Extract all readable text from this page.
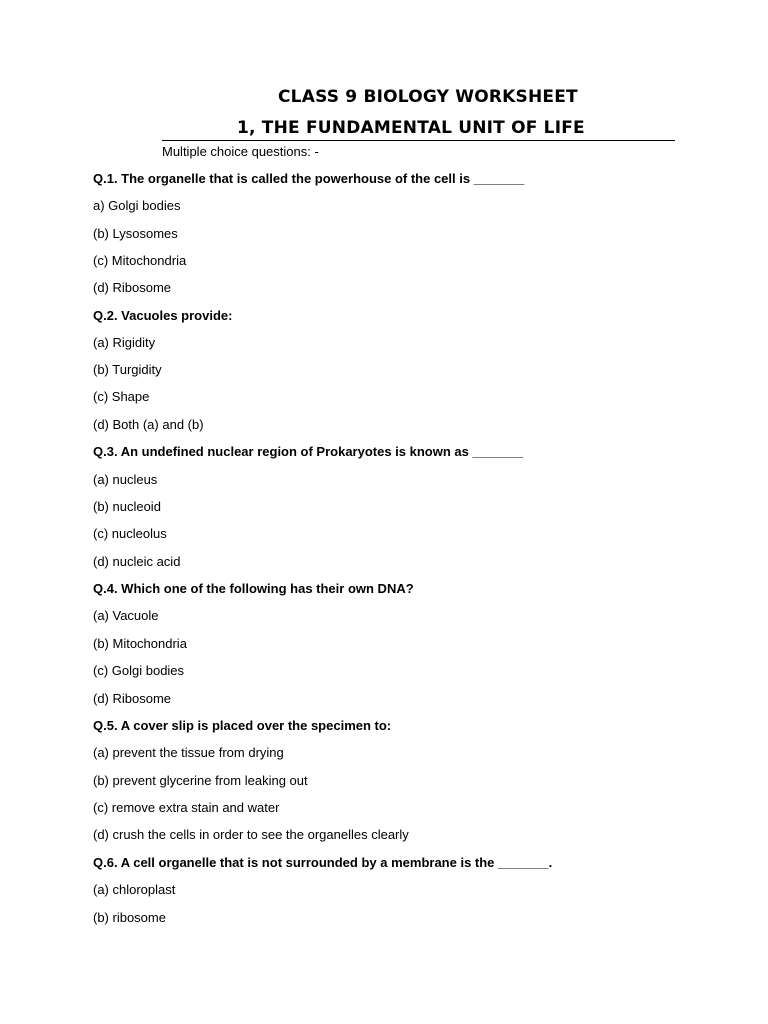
CLASS 9 BIOLOGY WORKSHEET
1, THE FUNDAMENTAL UNIT OF LIFE
Multiple choice questions: -
Q.1. The organelle that is called the powerhouse of the cell is _______
a) Golgi bodies
(b) Lysosomes
(c) Mitochondria
(d) Ribosome
Q.2. Vacuoles provide:
(a) Rigidity
(b) Turgidity
(c) Shape
(d) Both (a) and (b)
Q.3. An undefined nuclear region of Prokaryotes is known as _______
(a) nucleus
(b) nucleoid
(c) nucleolus
(d) nucleic acid
Q.4. Which one of the following has their own DNA?
(a) Vacuole
(b) Mitochondria
(c) Golgi bodies
(d) Ribosome
Q.5. A cover slip is placed over the specimen to:
(a) prevent the tissue from drying
(b) prevent glycerine from leaking out
(c) remove extra stain and water
(d) crush the cells in order to see the organelles clearly
Q.6. A cell organelle that is not surrounded by a membrane is the _______.
(a) chloroplast
(b) ribosome
